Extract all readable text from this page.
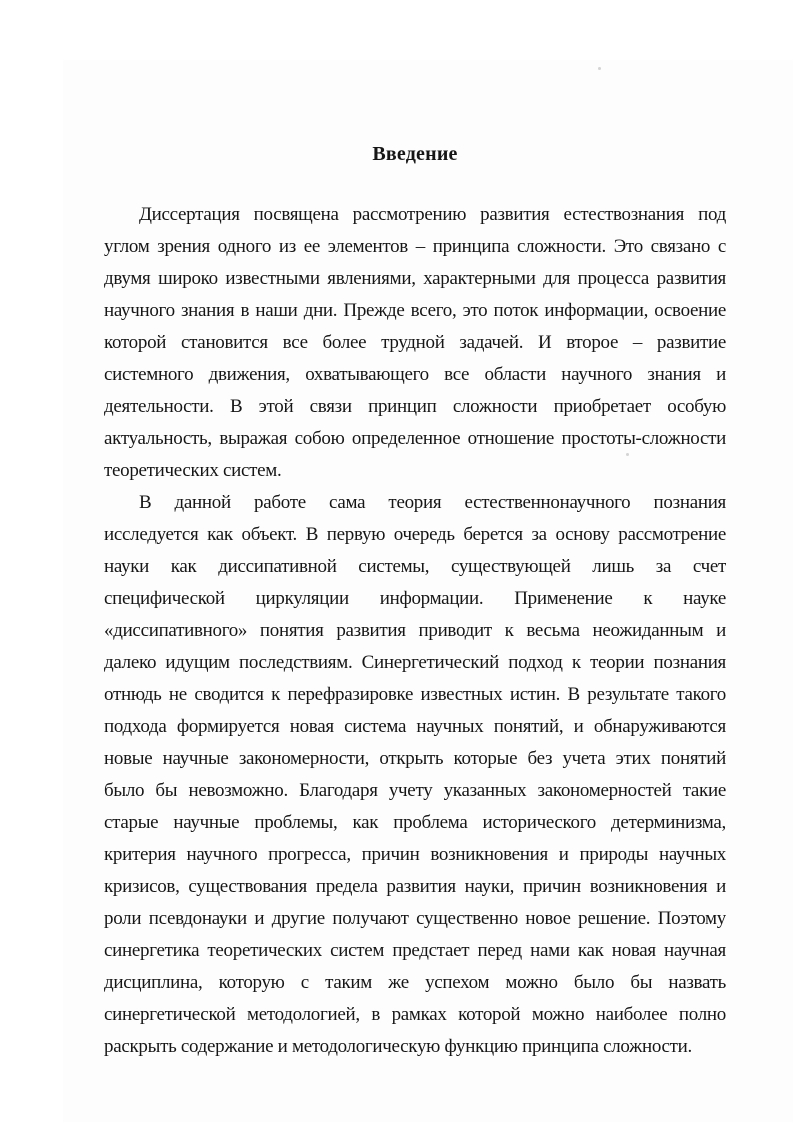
Введение
Диссертация посвящена рассмотрению развития естествознания под
углом зрения одного из ее элементов – принципа сложности. Это связано с
двумя широко известными явлениями, характерными для процесса развития
научного знания в наши дни. Прежде всего, это поток информации, освоение
которой становится все более трудной задачей. И второе – развитие
системного движения, охватывающего все области научного знания и
деятельности. В этой связи принцип сложности приобретает особую
актуальность, выражая собою определенное отношение простоты-сложности
теоретических систем.
В данной работе сама теория естественнонаучного познания
исследуется как объект. В первую очередь берется за основу рассмотрение
науки как диссипативной системы, существующей лишь за счет
специфической циркуляции информации. Применение к науке
«диссипативного» понятия развития приводит к весьма неожиданным и
далеко идущим последствиям. Синергетический подход к теории познания
отнюдь не сводится к перефразировке известных истин. В результате такого
подхода формируется новая система научных понятий, и обнаруживаются
новые научные закономерности, открыть которые без учета этих понятий
было бы невозможно. Благодаря учету указанных закономерностей такие
старые научные проблемы, как проблема исторического детерминизма,
критерия научного прогресса, причин возникновения и природы научных
кризисов, существования предела развития науки, причин возникновения и
роли псевдонауки и другие получают существенно новое решение. Поэтому
синергетика теоретических систем предстает перед нами как новая научная
дисциплина, которую с таким же успехом можно было бы назвать
синергетической методологией, в рамках которой можно наиболее полно
раскрыть содержание и методологическую функцию принципа сложности.
